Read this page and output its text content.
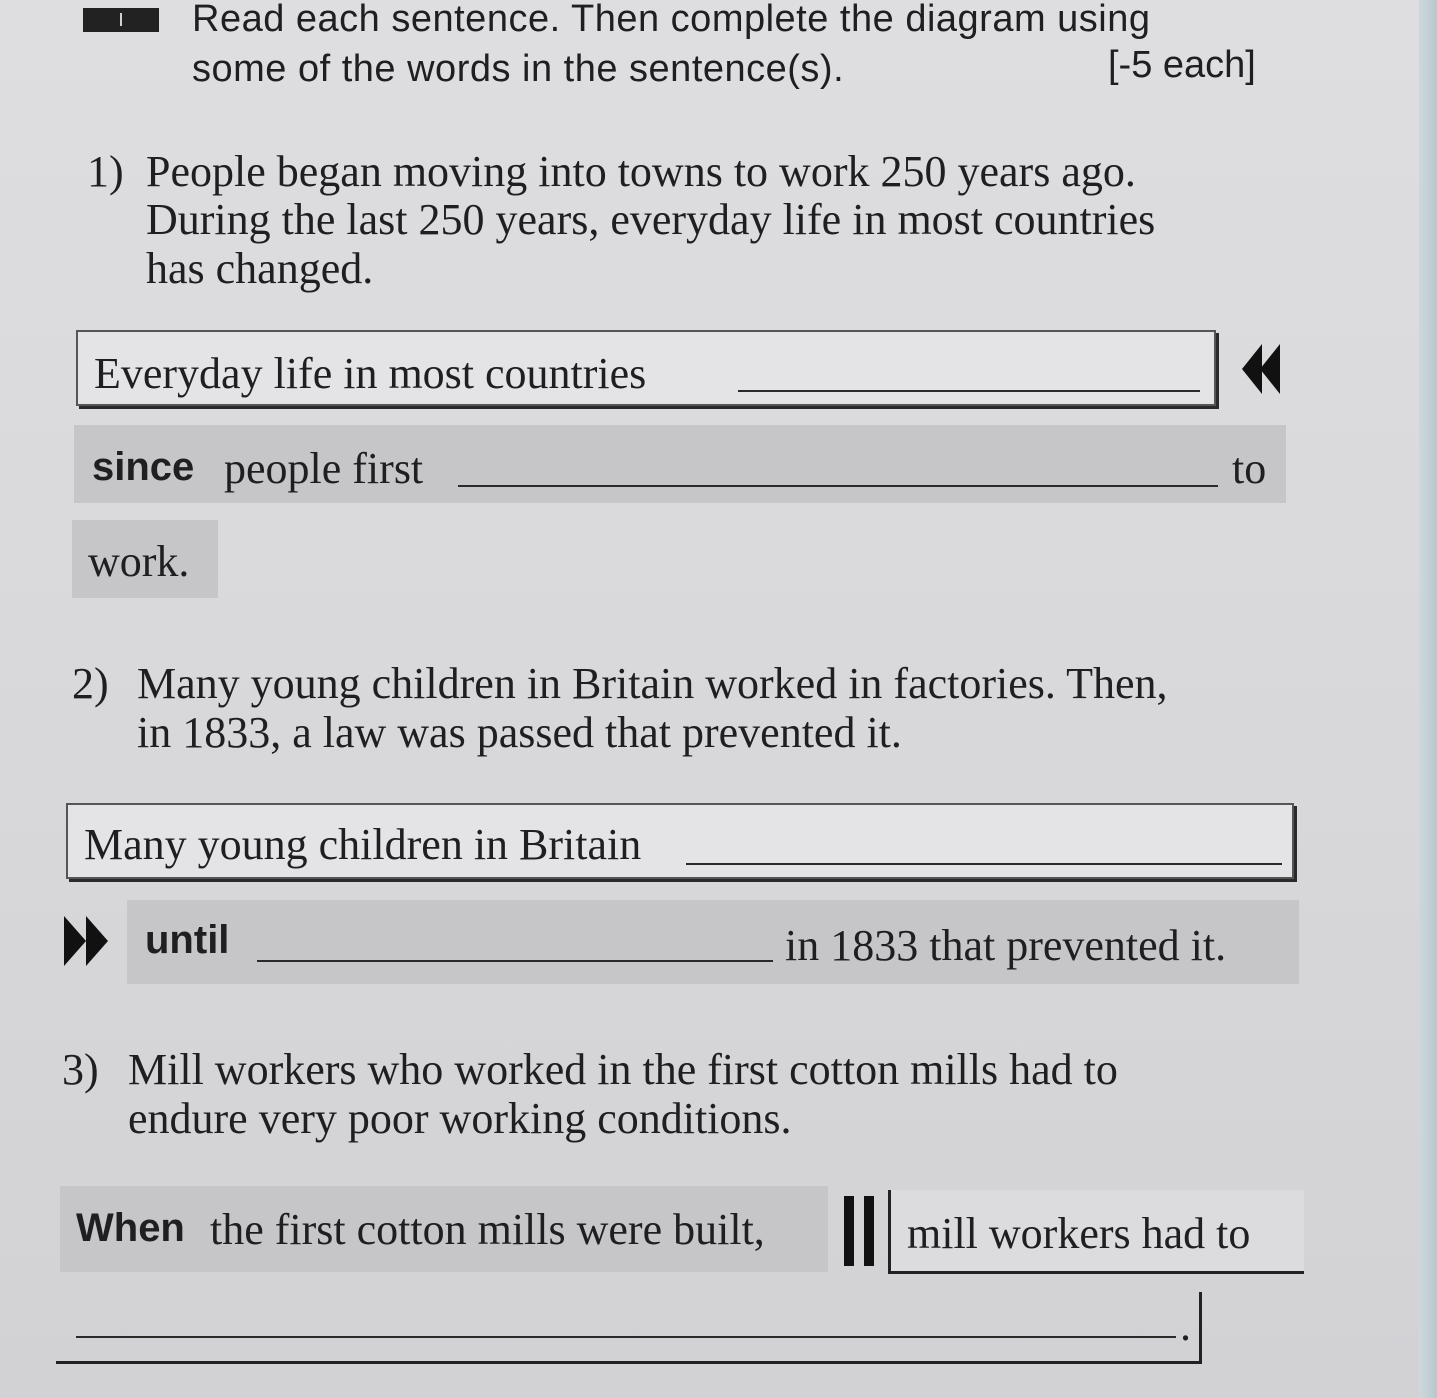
I	Read each sentence. Then complete the diagram using
some of the words in the sentence(s).	[-5 each]
1) People began moving into towns to work 250 years ago.
During the last 250 years, everyday life in most countries
has changed.
Everyday life in most countries
since people first	to
work.
2) Many young children in Britain worked in factories. Then,
in 1833, a law was passed that prevented it.
Many young children in Britain
until	in 1833 that prevented it.
3) Mill workers who worked in the first cotton mills had to
endure very poor working conditions.
When the first cotton mills were built,	mill workers had to
.
